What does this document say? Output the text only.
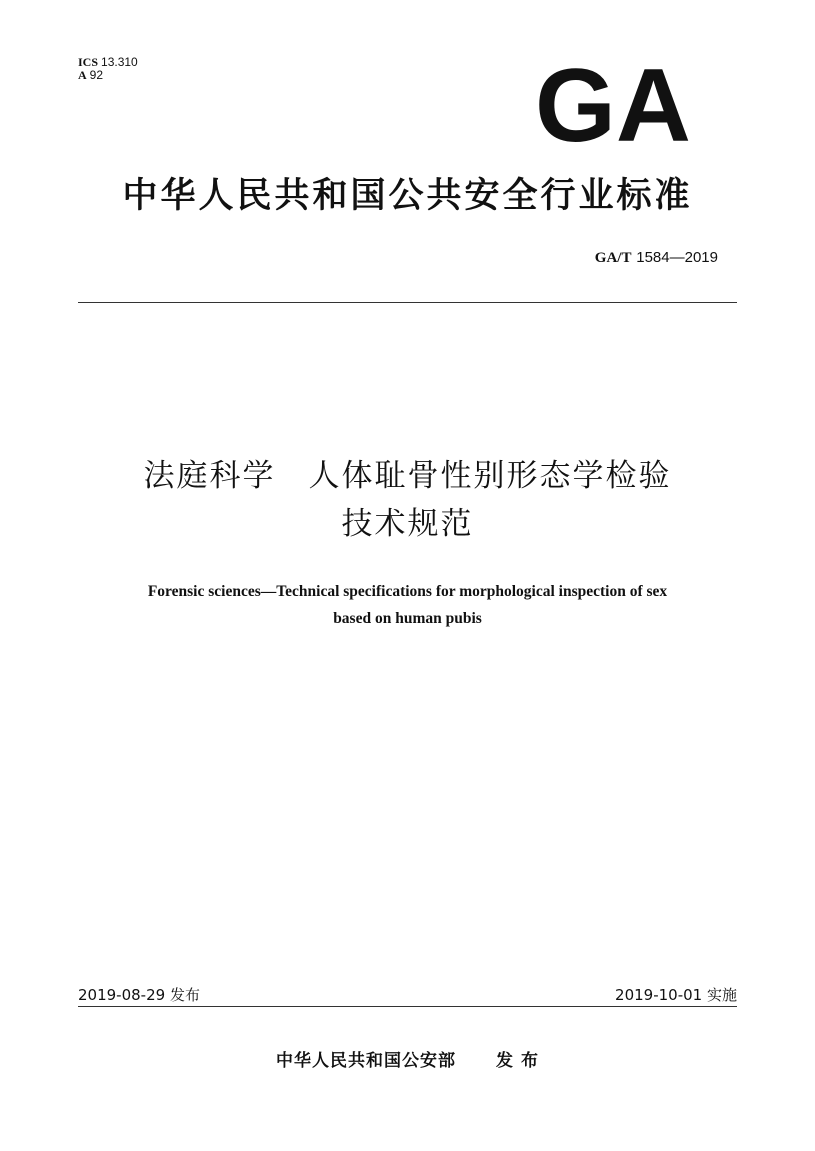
ICS 13.310
A 92	GA
中华人民共和国公共安全行业标准
GA/T 1584—2019
法庭科学　人体耻骨性别形态学检验
技术规范
Forensic sciences—Technical specifications for morphological inspection of sex
based on human pubis
2019-08-29 发布	2019-10-01 实施
中华人民共和国公安部 发 布
